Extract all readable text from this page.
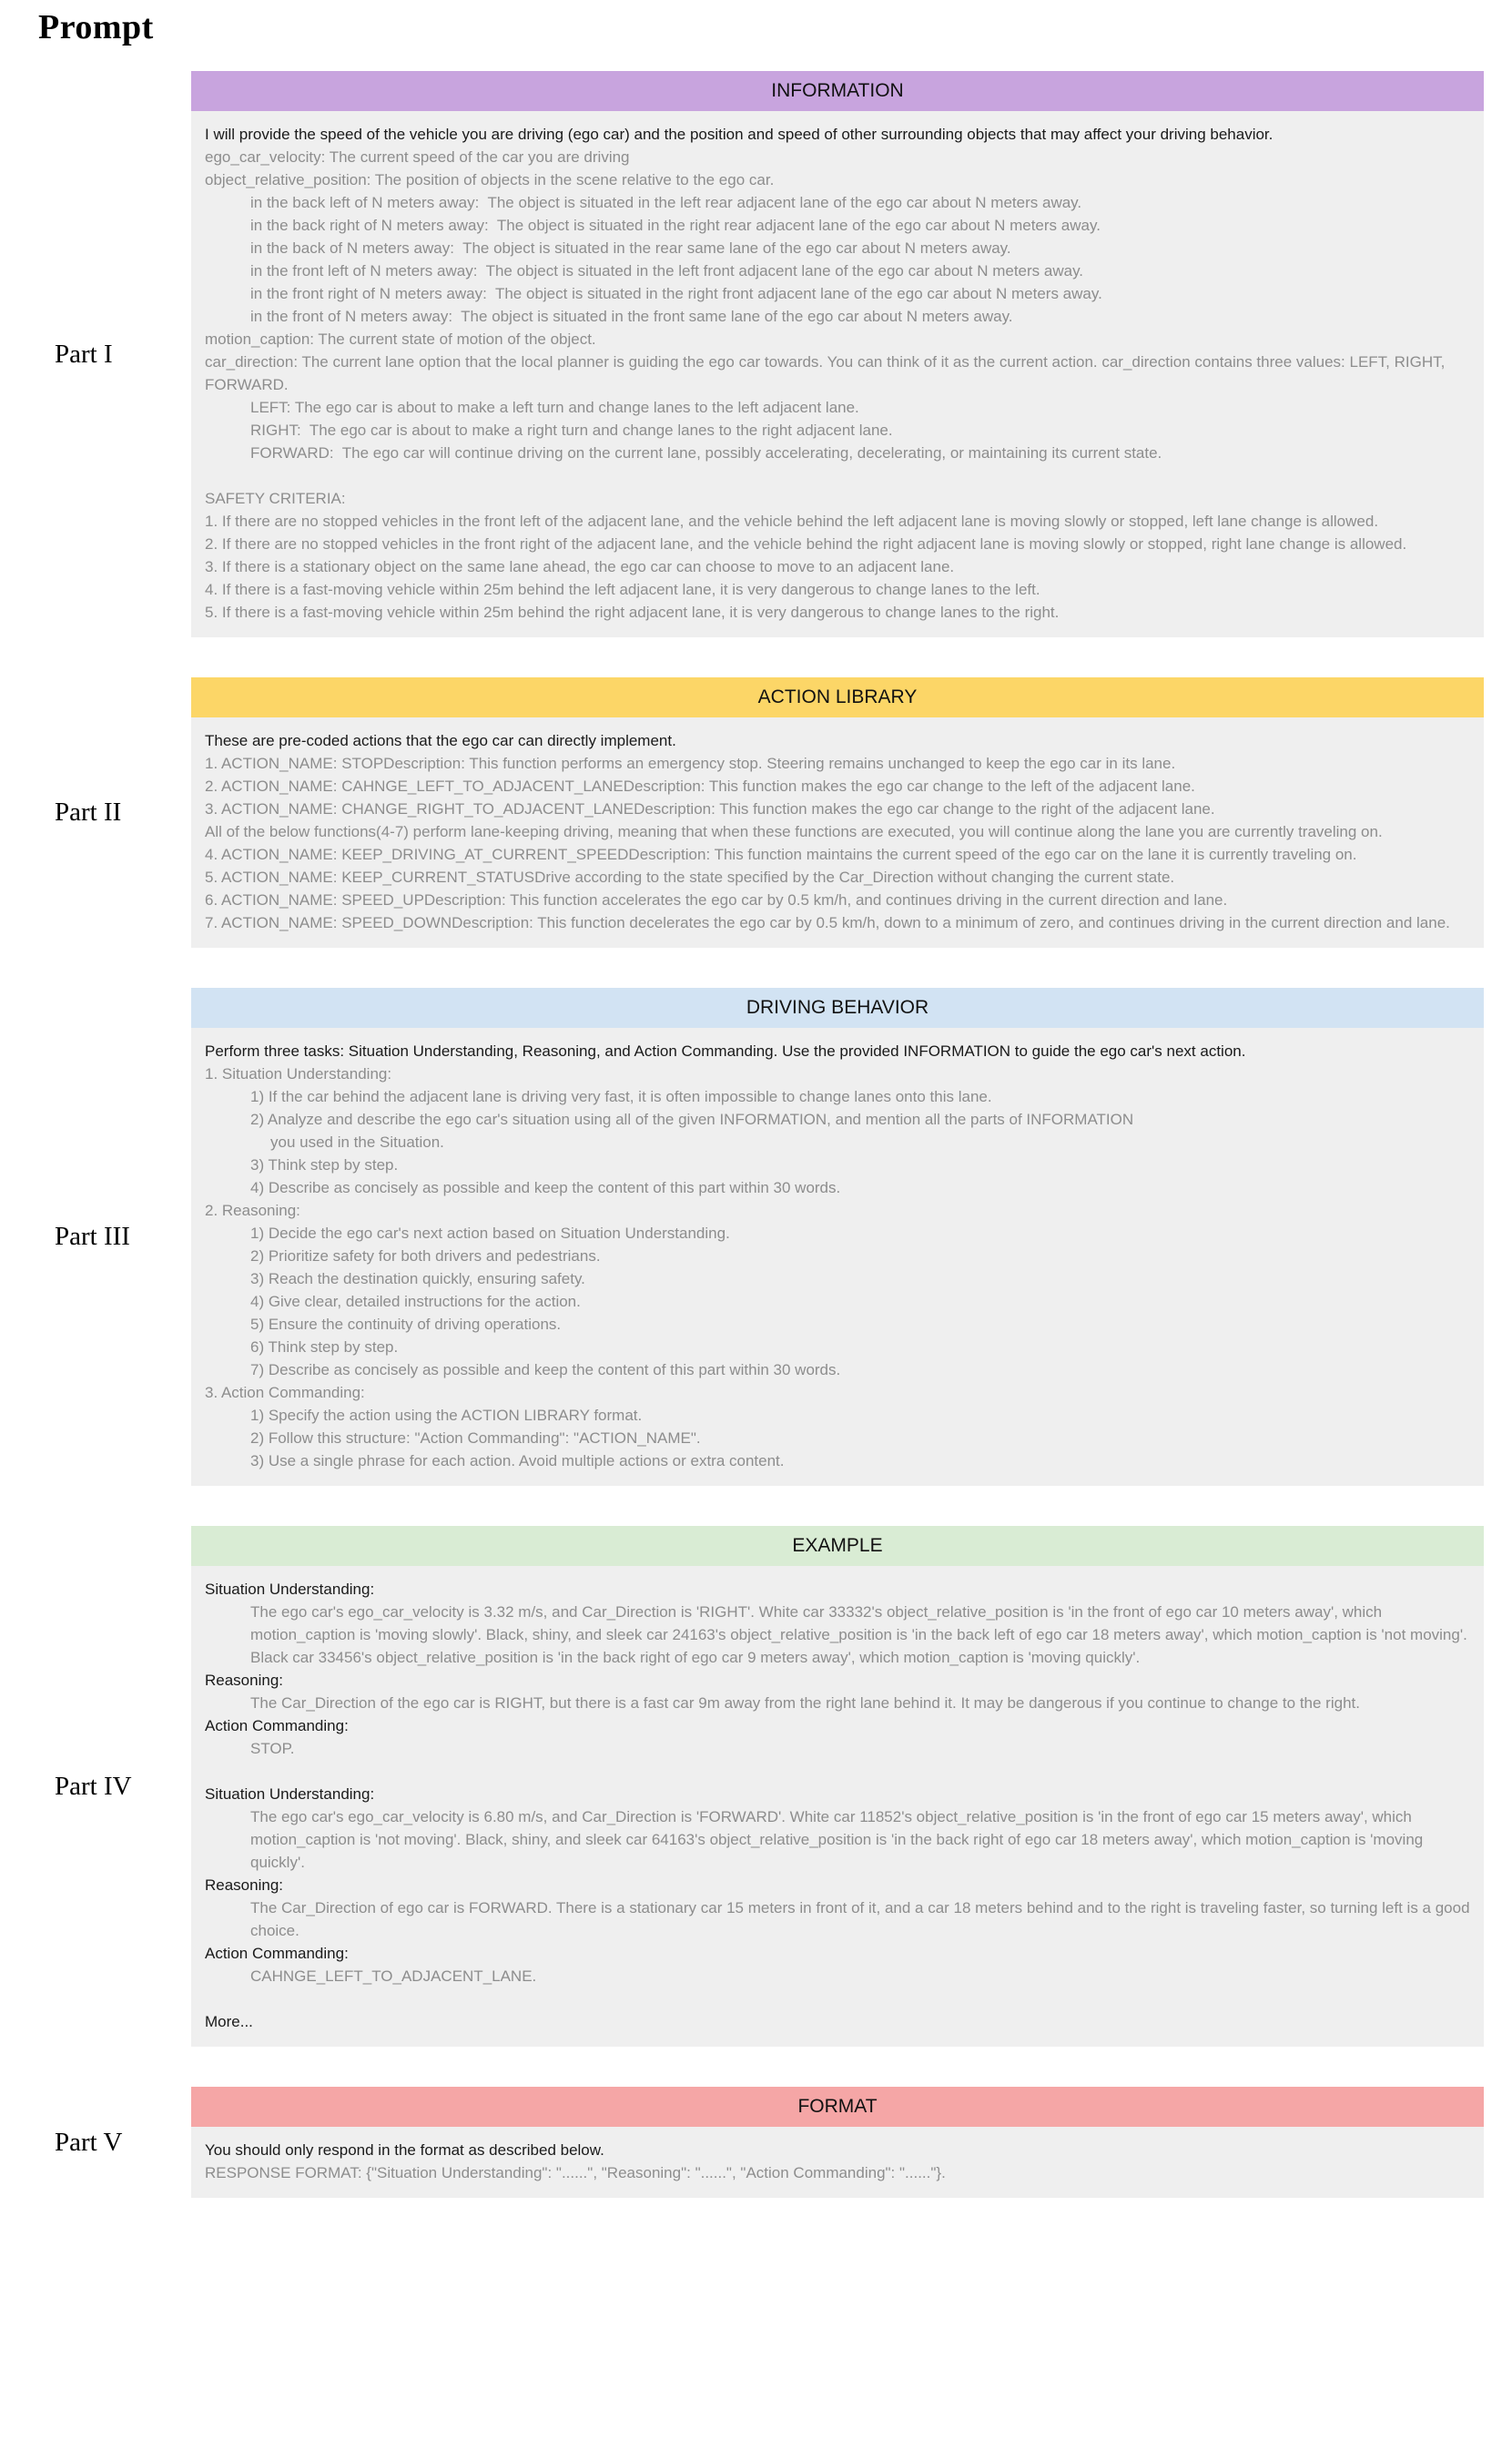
Prompt
Part I
INFORMATION
I will provide the speed of the vehicle you are driving (ego car) and the position and speed of other surrounding objects that may affect your driving behavior.
ego_car_velocity: The current speed of the car you are driving
object_relative_position: The position of objects in the scene relative to the ego car.
in the back left of N meters away:  The object is situated in the left rear adjacent lane of the ego car about N meters away.
in the back right of N meters away:  The object is situated in the right rear adjacent lane of the ego car about N meters away.
in the back of N meters away:  The object is situated in the rear same lane of the ego car about N meters away.
in the front left of N meters away:  The object is situated in the left front adjacent lane of the ego car about N meters away.
in the front right of N meters away:  The object is situated in the right front adjacent lane of the ego car about N meters away.
in the front of N meters away:  The object is situated in the front same lane of the ego car about N meters away.
motion_caption: The current state of motion of the object.
car_direction: The current lane option that the local planner is guiding the ego car towards. You can think of it as the current action. car_direction contains three values: LEFT, RIGHT, FORWARD.
LEFT: The ego car is about to make a left turn and change lanes to the left adjacent lane.
RIGHT:  The ego car is about to make a right turn and change lanes to the right adjacent lane.
FORWARD:  The ego car will continue driving on the current lane, possibly accelerating, decelerating, or maintaining its current state.
SAFETY CRITERIA:
1. If there are no stopped vehicles in the front left of the adjacent lane, and the vehicle behind the left adjacent lane is moving slowly or stopped, left lane change is allowed.
2. If there are no stopped vehicles in the front right of the adjacent lane, and the vehicle behind the right adjacent lane is moving slowly or stopped, right lane change is allowed.
3. If there is a stationary object on the same lane ahead, the ego car can choose to move to an adjacent lane.
4. If there is a fast-moving vehicle within 25m behind the left adjacent lane, it is very dangerous to change lanes to the left.
5. If there is a fast-moving vehicle within 25m behind the right adjacent lane, it is very dangerous to change lanes to the right.
Part II
ACTION LIBRARY
These are pre-coded actions that the ego car can directly implement.
1. ACTION_NAME: STOPDescription: This function performs an emergency stop. Steering remains unchanged to keep the ego car in its lane.
2. ACTION_NAME: CAHNGE_LEFT_TO_ADJACENT_LANEDescription: This function makes the ego car change to the left of the adjacent lane.
3. ACTION_NAME: CHANGE_RIGHT_TO_ADJACENT_LANEDescription: This function makes the ego car change to the right of the adjacent lane.
All of the below functions(4-7) perform lane-keeping driving, meaning that when these functions are executed, you will continue along the lane you are currently traveling on.
4. ACTION_NAME: KEEP_DRIVING_AT_CURRENT_SPEEDDescription: This function maintains the current speed of the ego car on the lane it is currently traveling on.
5. ACTION_NAME: KEEP_CURRENT_STATUSDrive according to the state specified by the Car_Direction without changing the current state.
6. ACTION_NAME: SPEED_UPDescription: This function accelerates the ego car by 0.5 km/h, and continues driving in the current direction and lane.
7. ACTION_NAME: SPEED_DOWNDescription: This function decelerates the ego car by 0.5 km/h, down to a minimum of zero, and continues driving in the current direction and lane.
Part III
DRIVING BEHAVIOR
Perform three tasks: Situation Understanding, Reasoning, and Action Commanding. Use the provided INFORMATION to guide the ego car's next action.
1. Situation Understanding:
1) If the car behind the adjacent lane is driving very fast, it is often impossible to change lanes onto this lane.
2) Analyze and describe the ego car's situation using all of the given INFORMATION, and mention all the parts of INFORMATION
you used in the Situation.
3) Think step by step.
4) Describe as concisely as possible and keep the content of this part within 30 words.
2. Reasoning:
1) Decide the ego car's next action based on Situation Understanding.
2) Prioritize safety for both drivers and pedestrians.
3) Reach the destination quickly, ensuring safety.
4) Give clear, detailed instructions for the action.
5) Ensure the continuity of driving operations.
6) Think step by step.
7) Describe as concisely as possible and keep the content of this part within 30 words.
3. Action Commanding:
1) Specify the action using the ACTION LIBRARY format.
2) Follow this structure: "Action Commanding": "ACTION_NAME".
3) Use a single phrase for each action. Avoid multiple actions or extra content.
Part IV
EXAMPLE
Situation Understanding:
The ego car's ego_car_velocity is 3.32 m/s, and Car_Direction is 'RIGHT'. White car 33332's object_relative_position is 'in the front of ego car 10 meters away', which motion_caption is 'moving slowly'. Black, shiny, and sleek car 24163's object_relative_position is 'in the back left of ego car 18 meters away', which motion_caption is 'not moving'. Black car 33456's object_relative_position is 'in the back right of ego car 9 meters away', which motion_caption is 'moving quickly'.
Reasoning:
The Car_Direction of the ego car is RIGHT, but there is a fast car 9m away from the right lane behind it. It may be dangerous if you continue to change to the right.
Action Commanding:
STOP.
Situation Understanding:
The ego car's ego_car_velocity is 6.80 m/s, and Car_Direction is 'FORWARD'. White car 11852's object_relative_position is 'in the front of ego car 15 meters away', which motion_caption is 'not moving'. Black, shiny, and sleek car 64163's object_relative_position is 'in the back right of ego car 18 meters away', which motion_caption is 'moving quickly'.
Reasoning:
The Car_Direction of ego car is FORWARD. There is a stationary car 15 meters in front of it, and a car 18 meters behind and to the right is traveling faster, so turning left is a good choice.
Action Commanding:
CAHNGE_LEFT_TO_ADJACENT_LANE.
More...
Part V
FORMAT
You should only respond in the format as described below.
RESPONSE FORMAT: {"Situation Understanding": "......", "Reasoning": "......", "Action Commanding": "......"}.
